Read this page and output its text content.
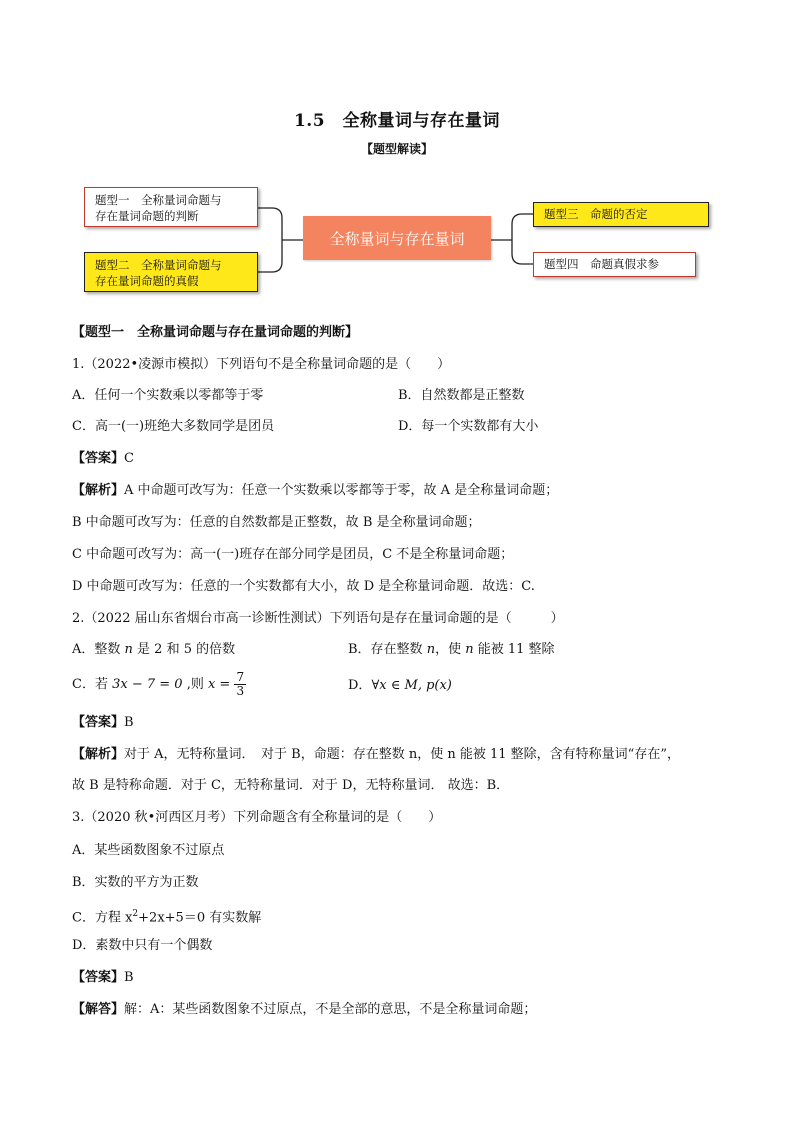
1.5　全称量词与存在量词
【题型解读】
题型一　全称量词命题与
存在量词命题的判断
题型二　全称量词命题与
存在量词命题的真假
全称量词与存在量词
题型三　命题的否定
题型四　命题真假求参
【题型一　全称量词命题与存在量词命题的判断】
1.（2022•凌源市模拟）下列语句不是全称量词命题的是（　　）
A．任何一个实数乘以零都等于零	B．自然数都是正整数
C．高一(一)班绝大多数同学是团员	D．每一个实数都有大小
【答案】C
【解析】A 中命题可改写为：任意一个实数乘以零都等于零，故 A 是全称量词命题；
B 中命题可改写为：任意的自然数都是正整数，故 B 是全称量词命题；
C 中命题可改写为：高一(一)班存在部分同学是团员，C 不是全称量词命题；
D 中命题可改写为：任意的一个实数都有大小，故 D 是全称量词命题．故选：C.
2.（2022 届山东省烟台市高一诊断性测试）下列语句是存在量词命题的是（　　　）
A．整数 n 是 2 和 5 的倍数	B．存在整数 n，使 n 能被 11 整除
C．若 3x − 7 = 0 ,则 $x = \frac{7}{3}$	D．∀x ∈ M, p(x)
【答案】B
【解析】对于 A，无特称量词．　对于 B，命题：存在整数 n，使 n 能被 11 整除，含有特称量词“存在”，
故 B 是特称命题．对于 C，无特称量词．对于 D，无特称量词． 故选：B．
3.（2020 秋•河西区月考）下列命题含有全称量词的是（　　）
A．某些函数图象不过原点
B．实数的平方为正数
C．方程 $x^2+2x+5=0$ 有实数解
D．素数中只有一个偶数
【答案】B
【解答】解：A：某些函数图象不过原点，不是全部的意思，不是全称量词命题；
